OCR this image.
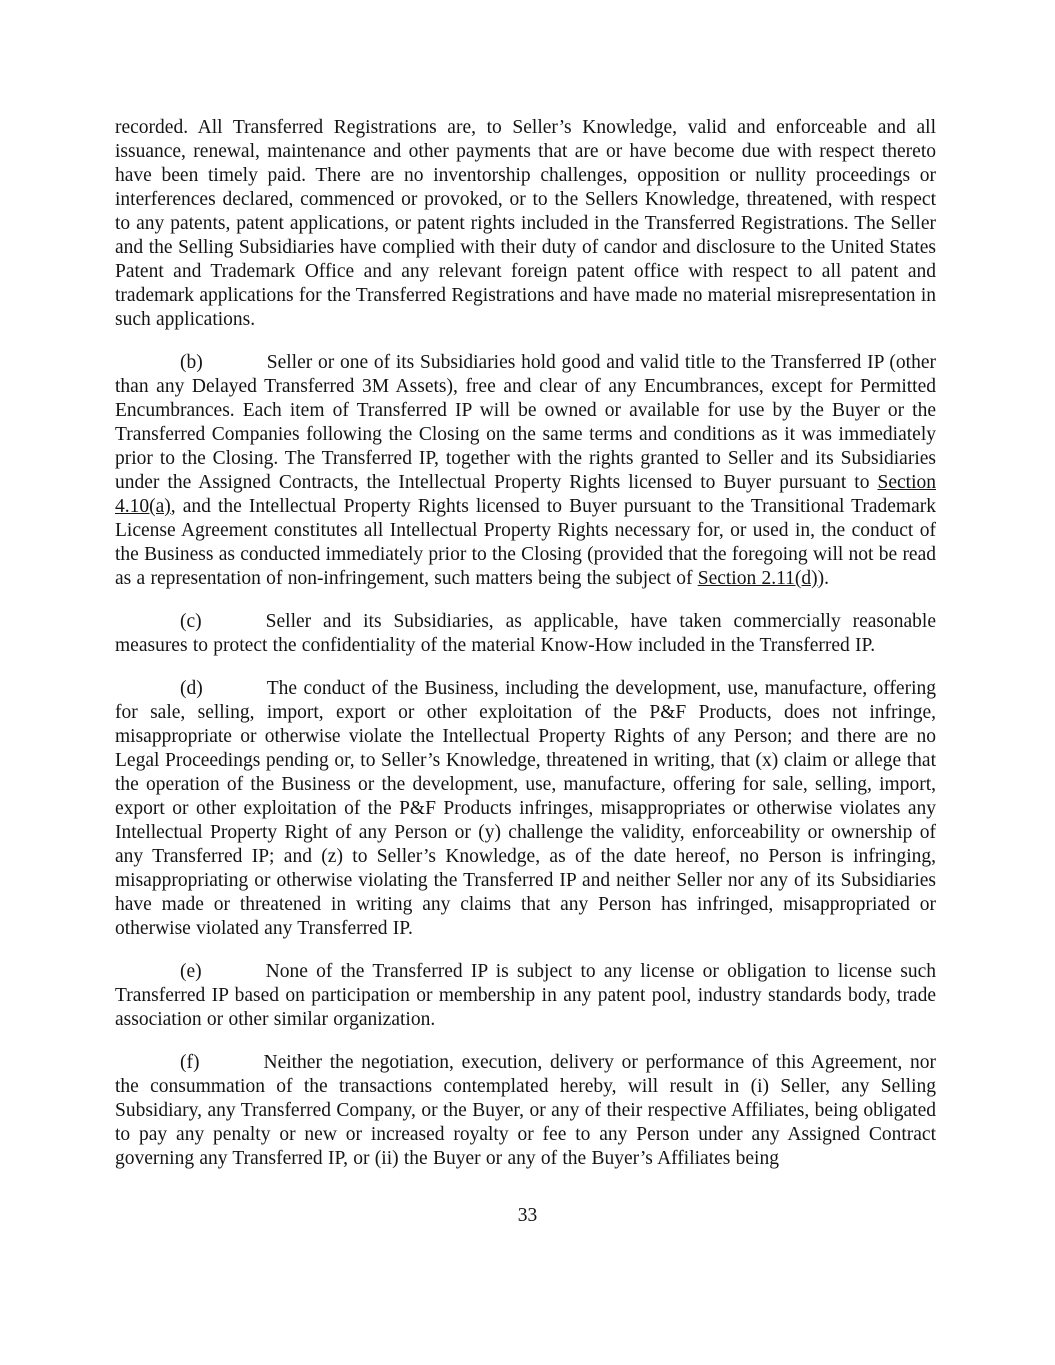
recorded. All Transferred Registrations are, to Seller’s Knowledge, valid and enforceable and all issuance, renewal, maintenance and other payments that are or have become due with respect thereto have been timely paid. There are no inventorship challenges, opposition or nullity proceedings or interferences declared, commenced or provoked, or to the Sellers Knowledge, threatened, with respect to any patents, patent applications, or patent rights included in the Transferred Registrations. The Seller and the Selling Subsidiaries have complied with their duty of candor and disclosure to the United States Patent and Trademark Office and any relevant foreign patent office with respect to all patent and trademark applications for the Transferred Registrations and have made no material misrepresentation in such applications.

(b)	Seller or one of its Subsidiaries hold good and valid title to the Transferred IP (other than any Delayed Transferred 3M Assets), free and clear of any Encumbrances, except for Permitted Encumbrances. Each item of Transferred IP will be owned or available for use by the Buyer or the Transferred Companies following the Closing on the same terms and conditions as it was immediately prior to the Closing. The Transferred IP, together with the rights granted to Seller and its Subsidiaries under the Assigned Contracts, the Intellectual Property Rights licensed to Buyer pursuant to Section 4.10(a), and the Intellectual Property Rights licensed to Buyer pursuant to the Transitional Trademark License Agreement constitutes all Intellectual Property Rights necessary for, or used in, the conduct of the Business as conducted immediately prior to the Closing (provided that the foregoing will not be read as a representation of non-infringement, such matters being the subject of Section 2.11(d)).

(c)	Seller and its Subsidiaries, as applicable, have taken commercially reasonable measures to protect the confidentiality of the material Know-How included in the Transferred IP.

(d)	The conduct of the Business, including the development, use, manufacture, offering for sale, selling, import, export or other exploitation of the P&F Products, does not infringe, misappropriate or otherwise violate the Intellectual Property Rights of any Person; and there are no Legal Proceedings pending or, to Seller’s Knowledge, threatened in writing, that (x) claim or allege that the operation of the Business or the development, use, manufacture, offering for sale, selling, import, export or other exploitation of the P&F Products infringes, misappropriates or otherwise violates any Intellectual Property Right of any Person or (y) challenge the validity, enforceability or ownership of any Transferred IP; and (z) to Seller’s Knowledge, as of the date hereof, no Person is infringing, misappropriating or otherwise violating the Transferred IP and neither Seller nor any of its Subsidiaries have made or threatened in writing any claims that any Person has infringed, misappropriated or otherwise violated any Transferred IP.

(e)	None of the Transferred IP is subject to any license or obligation to license such Transferred IP based on participation or membership in any patent pool, industry standards body, trade association or other similar organization.

(f)	Neither the negotiation, execution, delivery or performance of this Agreement, nor the consummation of the transactions contemplated hereby, will result in (i) Seller, any Selling Subsidiary, any Transferred Company, or the Buyer, or any of their respective Affiliates, being obligated to pay any penalty or new or increased royalty or fee to any Person under any Assigned Contract governing any Transferred IP, or (ii) the Buyer or any of the Buyer’s Affiliates being

33
